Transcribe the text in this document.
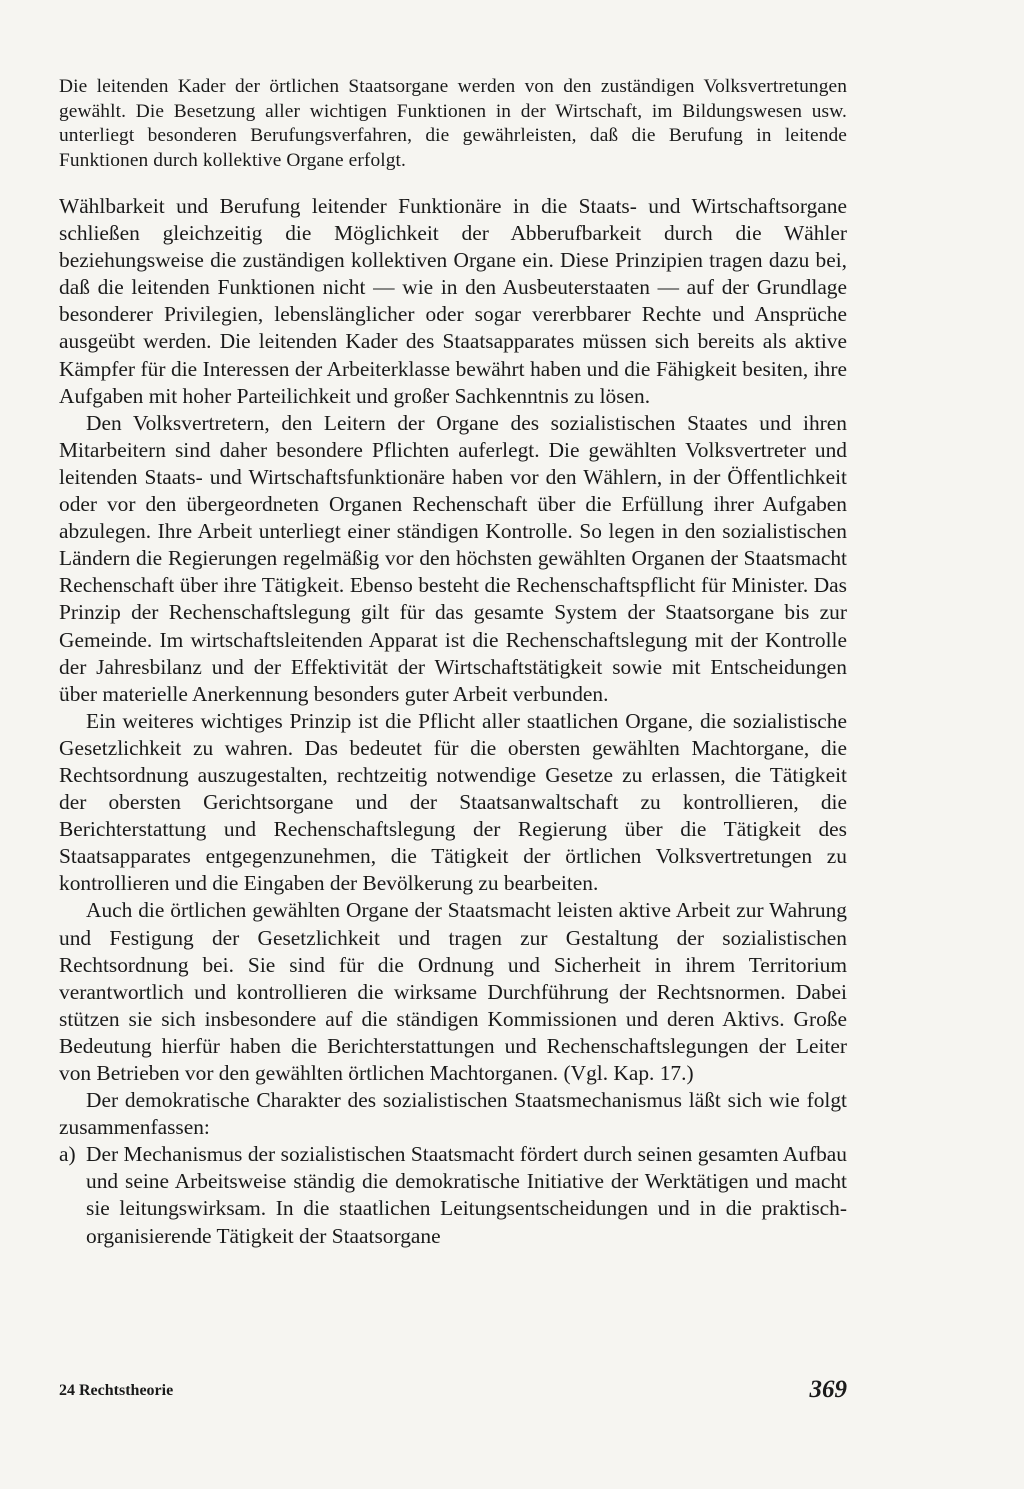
Die leitenden Kader der örtlichen Staatsorgane werden von den zuständigen Volksvertretungen gewählt. Die Besetzung aller wichtigen Funktionen in der Wirtschaft, im Bildungswesen usw. unterliegt besonderen Berufungsverfahren, die gewährleisten, daß die Berufung in leitende Funktionen durch kollektive Organe erfolgt.

Wählbarkeit und Berufung leitender Funktionäre in die Staats- und Wirtschaftsorgane schließen gleichzeitig die Möglichkeit der Abberufbarkeit durch die Wähler beziehungsweise die zuständigen kollektiven Organe ein. Diese Prinzipien tragen dazu bei, daß die leitenden Funktionen nicht — wie in den Ausbeuterstaaten — auf der Grundlage besonderer Privilegien, lebenslänglicher oder sogar vererbbarer Rechte und Ansprüche ausgeübt werden. Die leitenden Kader des Staatsapparates müssen sich bereits als aktive Kämpfer für die Interessen der Arbeiterklasse bewährt haben und die Fähigkeit besiten, ihre Aufgaben mit hoher Parteilichkeit und großer Sachkenntnis zu lösen.

Den Volksvertretern, den Leitern der Organe des sozialistischen Staates und ihren Mitarbeitern sind daher besondere Pflichten auferlegt. Die gewählten Volksvertreter und leitenden Staats- und Wirtschaftsfunktionäre haben vor den Wählern, in der Öffentlichkeit oder vor den übergeordneten Organen Rechenschaft über die Erfüllung ihrer Aufgaben abzulegen. Ihre Arbeit unterliegt einer ständigen Kontrolle. So legen in den sozialistischen Ländern die Regierungen regelmäßig vor den höchsten gewählten Organen der Staatsmacht Rechenschaft über ihre Tätigkeit. Ebenso besteht die Rechenschaftspflicht für Minister. Das Prinzip der Rechenschaftslegung gilt für das gesamte System der Staatsorgane bis zur Gemeinde. Im wirtschaftsleitenden Apparat ist die Rechenschaftslegung mit der Kontrolle der Jahresbilanz und der Effektivität der Wirtschaftstätigkeit sowie mit Entscheidungen über materielle Anerkennung besonders guter Arbeit verbunden.

Ein weiteres wichtiges Prinzip ist die Pflicht aller staatlichen Organe, die sozialistische Gesetzlichkeit zu wahren. Das bedeutet für die obersten gewählten Machtorgane, die Rechtsordnung auszugestalten, rechtzeitig notwendige Gesetze zu erlassen, die Tätigkeit der obersten Gerichtsorgane und der Staatsanwaltschaft zu kontrollieren, die Berichterstattung und Rechenschaftslegung der Regierung über die Tätigkeit des Staatsapparates entgegenzunehmen, die Tätigkeit der örtlichen Volksvertretungen zu kontrollieren und die Eingaben der Bevölkerung zu bearbeiten.

Auch die örtlichen gewählten Organe der Staatsmacht leisten aktive Arbeit zur Wahrung und Festigung der Gesetzlichkeit und tragen zur Gestaltung der sozialistischen Rechtsordnung bei. Sie sind für die Ordnung und Sicherheit in ihrem Territorium verantwortlich und kontrollieren die wirksame Durchführung der Rechtsnormen. Dabei stützen sie sich insbesondere auf die ständigen Kommissionen und deren Aktivs. Große Bedeutung hierfür haben die Berichterstattungen und Rechenschaftslegungen der Leiter von Betrieben vor den gewählten örtlichen Machtorganen. (Vgl. Kap. 17.)

Der demokratische Charakter des sozialistischen Staatsmechanismus läßt sich wie folgt zusammenfassen:

a) Der Mechanismus der sozialistischen Staatsmacht fördert durch seinen gesamten Aufbau und seine Arbeitsweise ständig die demokratische Initiative der Werktätigen und macht sie leitungswirksam. In die staatlichen Leitungsentscheidungen und in die praktisch-organisierende Tätigkeit der Staatsorgane
24 Rechtstheorie	369
